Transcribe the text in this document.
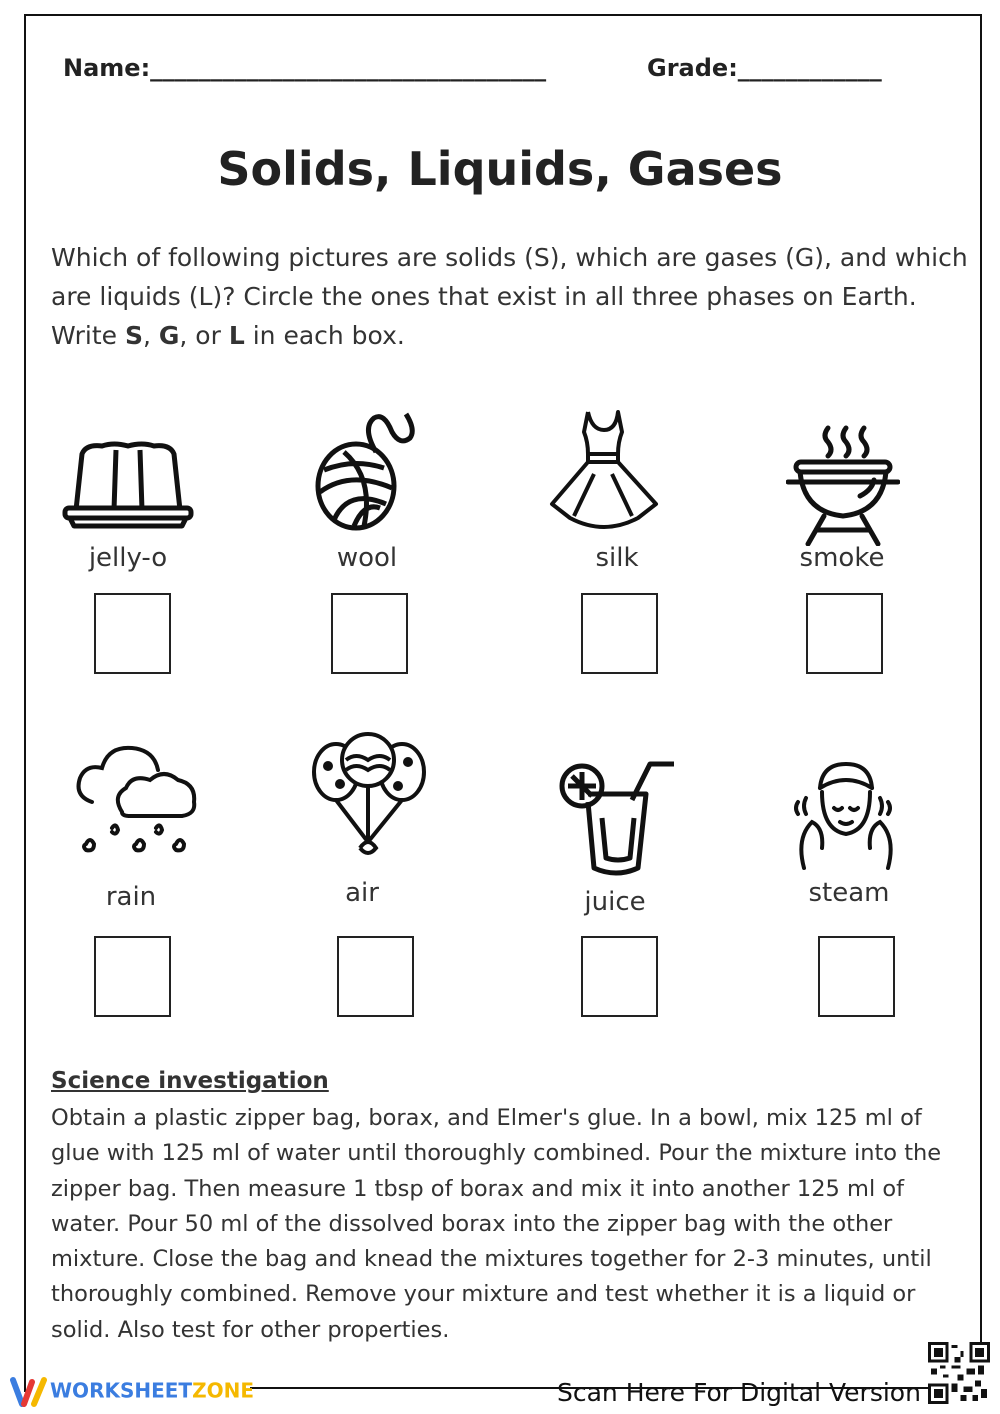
Name:_________________________________	Grade:____________
Solids, Liquids, Gases
Which of following pictures are solids (S), which are gases (G), and which are liquids (L)? Circle the ones that exist in all three phases on Earth.
Write S, G, or L in each box.
jelly-o	wool	silk	smoke
rain	air	juice	steam
Science investigation
Obtain a plastic zipper bag, borax, and Elmer's glue. In a bowl, mix 125 ml of glue with 125 ml of water until thoroughly combined. Pour the mixture into the zipper bag. Then measure 1 tbsp of borax and mix it into another 125 ml of water. Pour 50 ml of the dissolved borax into the zipper bag with the other mixture. Close the bag and knead the mixtures together for 2-3 minutes, until thoroughly combined. Remove your mixture and test whether it is a liquid or solid. Also test for other properties.
WORKSHEETZONE	Scan Here For Digital Version
